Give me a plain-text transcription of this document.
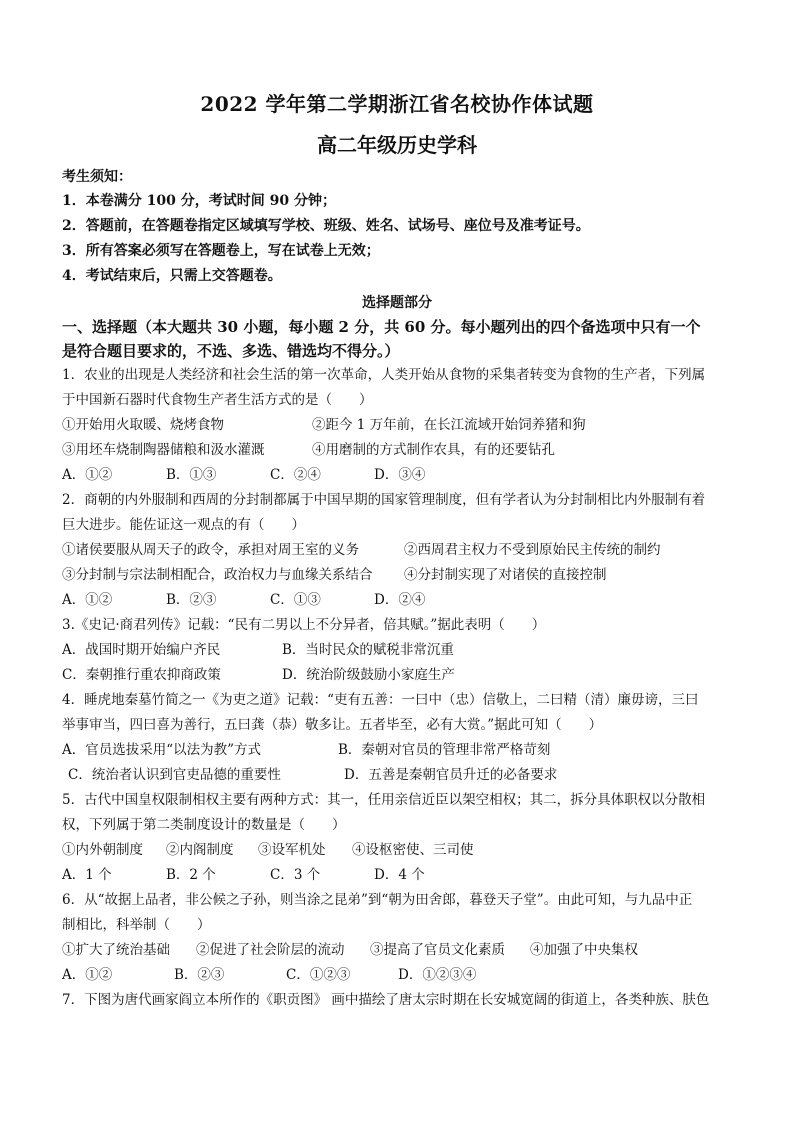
2022 学年第二学期浙江省名校协作体试题
高二年级历史学科
考生须知：
1．本卷满分 100 分，考试时间 90 分钟；
2．答题前，在答题卷指定区域填写学校、班级、姓名、试场号、座位号及准考证号。
3．所有答案必须写在答题卷上，写在试卷上无效；
4．考试结束后，只需上交答题卷。
选择题部分
一、选择题（本大题共 30 小题，每小题 2 分，共 60 分。每小题列出的四个备选项中只有一个
是符合题目要求的，不选、多选、错选均不得分。）
1．农业的出现是人类经济和社会生活的第一次革命，人类开始从食物的采集者转变为食物的生产者，下列属
于中国新石器时代食物生产者生活方式的是（　　）
①开始用火取暖、烧烤食物	②距今 1 万年前，在长江流域开始饲养猪和狗
③用坯车烧制陶器储粮和汲水灌溉	④用磨制的方式制作农具，有的还要钻孔
A．①②	B．①③	C．②④	D．③④
2．商朝的内外服制和西周的分封制都属于中国早期的国家管理制度，但有学者认为分封制相比内外服制有着
巨大进步。能佐证这一观点的有（　　）
①诸侯要服从周天子的政令，承担对周王室的义务	②西周君主权力不受到原始民主传统的制约
③分封制与宗法制相配合，政治权力与血缘关系结合 ④分封制实现了对诸侯的直接控制
A．①②	B．②③	C．①③	D．②④
3.《史记·商君列传》记载：“民有二男以上不分异者，倍其赋。”据此表明（　　）
A．战国时期开始编户齐民	B．当时民众的赋税非常沉重
C．秦朝推行重农抑商政策	D．统治阶级鼓励小家庭生产
4．睡虎地秦墓竹简之一《为吏之道》记载：“吏有五善：一曰中（忠）信敬上，二曰精（清）廉毋谤，三曰
举事审当，四曰喜为善行，五曰龚（恭）敬多让。五者毕至，必有大赏。”据此可知（　　）
A．官员选拔采用“以法为教”方式	B．秦朝对官员的管理非常严格苛刻
C．统治者认识到官吏品德的重要性	D．五善是秦朝官员升迁的必备要求
5．古代中国皇权限制相权主要有两种方式：其一，任用亲信近臣以架空相权；其二，拆分具体职权以分散相
权，下列属于第二类制度设计的数量是（　　）
①内外朝制度 ②内阁制度 ③设军机处 ④设枢密使、三司使
A．1 个	B．2 个	C．3 个	D．4 个
6．从“故据上品者，非公候之子孙，则当涂之昆弟”到“朝为田舍郎，暮登天子堂”。由此可知，与九品中正
制相比，科举制（　　）
①扩大了统治基础 ②促进了社会阶层的流动 ③提高了官员文化素质 ④加强了中央集权
A．①②	B．②③	C．①②③	D．①②③④
7．下图为唐代画家阎立本所作的《职贡图》 画中描绘了唐太宗时期在长安城宽阔的街道上，各类种族、肤色
